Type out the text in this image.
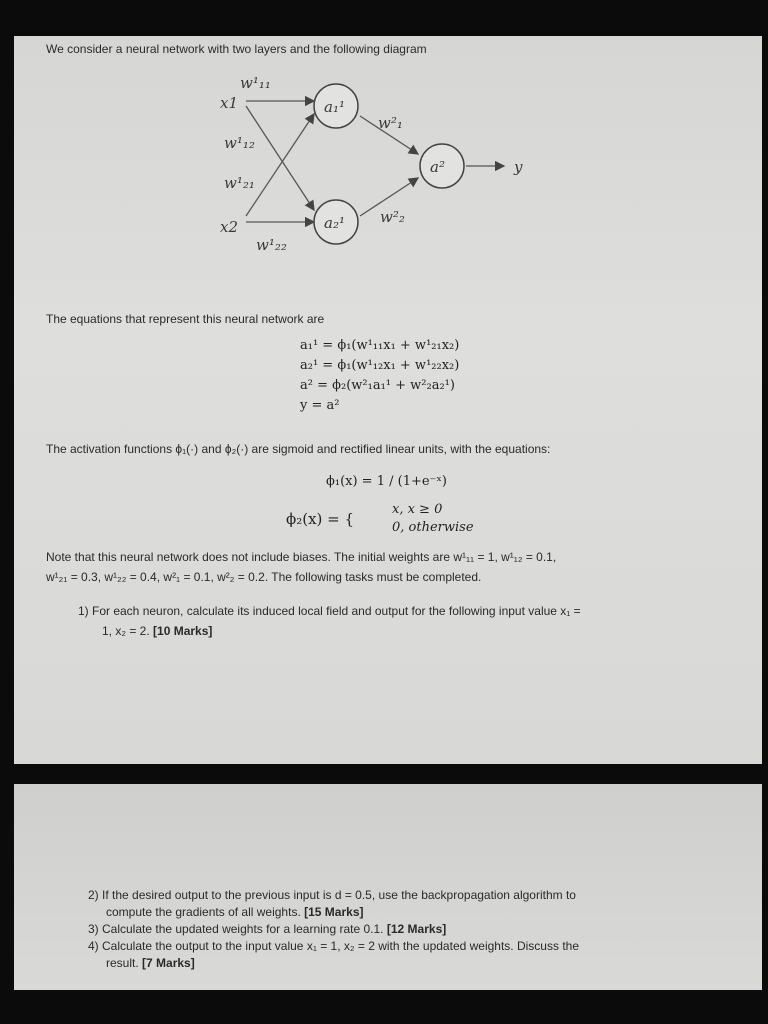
We consider a neural network with two layers and the following diagram
x1
x2
a₁¹
a₂¹
a²	y
w¹₁₁
w¹₁₂
w¹₂₁
w¹₂₂
w²₁
w²₂
The equations that represent this neural network are
a₁¹ = ϕ₁(w¹₁₁x₁ + w¹₂₁x₂)
a₂¹ = ϕ₁(w¹₁₂x₁ + w¹₂₂x₂)
a² = ϕ₂(w²₁a₁¹ + w²₂a₂¹)
y = a²
The activation functions ϕ₁(·) and ϕ₂(·) are sigmoid and rectified linear units, with the equations:
ϕ₁(x) = 1 / (1+e⁻ˣ)
ϕ₂(x) = {
x, x ≥ 0
0, otherwise
Note that this neural network does not include biases. The initial weights are w¹₁₁ = 1, w¹₁₂ = 0.1,
w¹₂₁ = 0.3, w¹₂₂ = 0.4, w²₁ = 0.1, w²₂ = 0.2. The following tasks must be completed.
1) For each neuron, calculate its induced local field and output for the following input value x₁ =
1, x₂ = 2. [10 Marks]
2) If the desired output to the previous input is d = 0.5, use the backpropagation algorithm to
compute the gradients of all weights. [15 Marks]
3) Calculate the updated weights for a learning rate 0.1. [12 Marks]
4) Calculate the output to the input value x₁ = 1, x₂ = 2 with the updated weights. Discuss the
result. [7 Marks]
